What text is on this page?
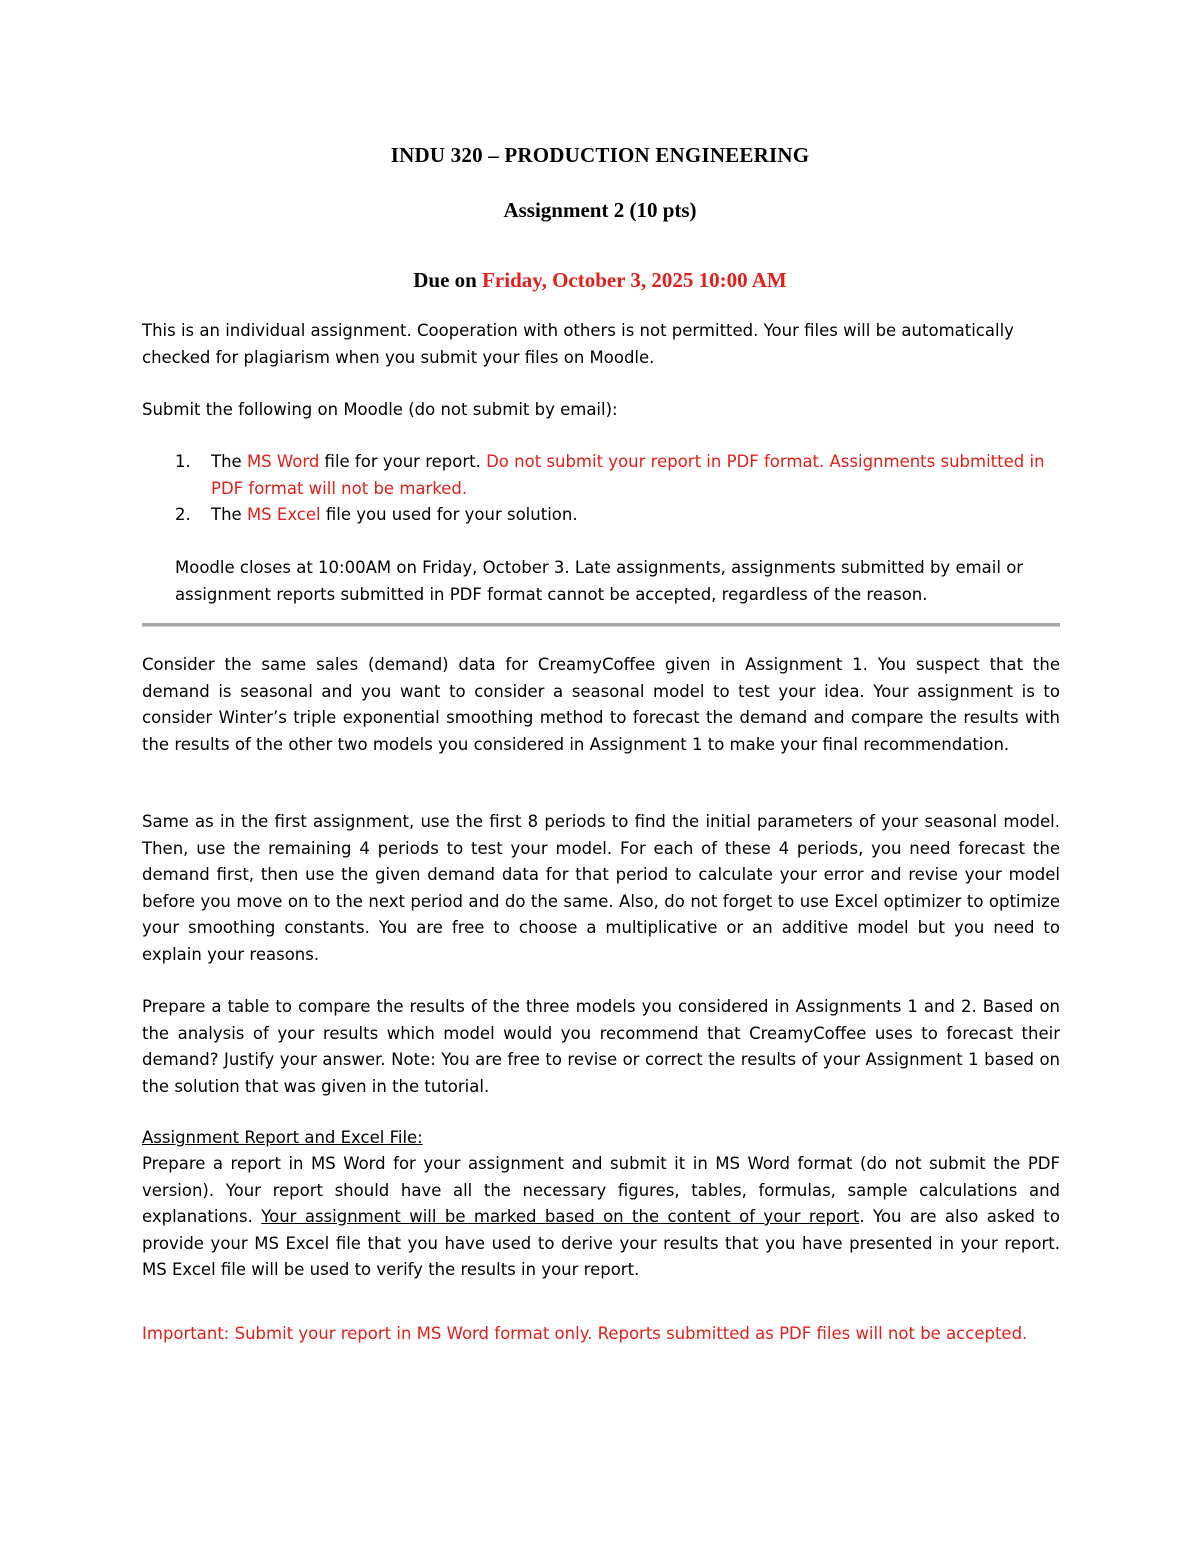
INDU 320 – PRODUCTION ENGINEERING
Assignment 2 (10 pts)
Due on Friday, October 3, 2025 10:00 AM
This is an individual assignment. Cooperation with others is not permitted. Your files will be automatically checked for plagiarism when you submit your files on Moodle.
Submit the following on Moodle (do not submit by email):
1. The MS Word file for your report. Do not submit your report in PDF format. Assignments submitted in PDF format will not be marked.
2. The MS Excel file you used for your solution.
Moodle closes at 10:00AM on Friday, October 3. Late assignments, assignments submitted by email or assignment reports submitted in PDF format cannot be accepted, regardless of the reason.
Consider the same sales (demand) data for CreamyCoffee given in Assignment 1. You suspect that the demand is seasonal and you want to consider a seasonal model to test your idea. Your assignment is to consider Winter’s triple exponential smoothing method to forecast the demand and compare the results with the results of the other two models you considered in Assignment 1 to make your final recommendation.
Same as in the first assignment, use the first 8 periods to find the initial parameters of your seasonal model. Then, use the remaining 4 periods to test your model. For each of these 4 periods, you need forecast the demand first, then use the given demand data for that period to calculate your error and revise your model before you move on to the next period and do the same. Also, do not forget to use Excel optimizer to optimize your smoothing constants. You are free to choose a multiplicative or an additive model but you need to explain your reasons.
Prepare a table to compare the results of the three models you considered in Assignments 1 and 2. Based on the analysis of your results which model would you recommend that CreamyCoffee uses to forecast their demand? Justify your answer. Note: You are free to revise or correct the results of your Assignment 1 based on the solution that was given in the tutorial.
Assignment Report and Excel File:
Prepare a report in MS Word for your assignment and submit it in MS Word format (do not submit the PDF version). Your report should have all the necessary figures, tables, formulas, sample calculations and explanations. Your assignment will be marked based on the content of your report. You are also asked to provide your MS Excel file that you have used to derive your results that you have presented in your report. MS Excel file will be used to verify the results in your report.
Important: Submit your report in MS Word format only. Reports submitted as PDF files will not be accepted.
